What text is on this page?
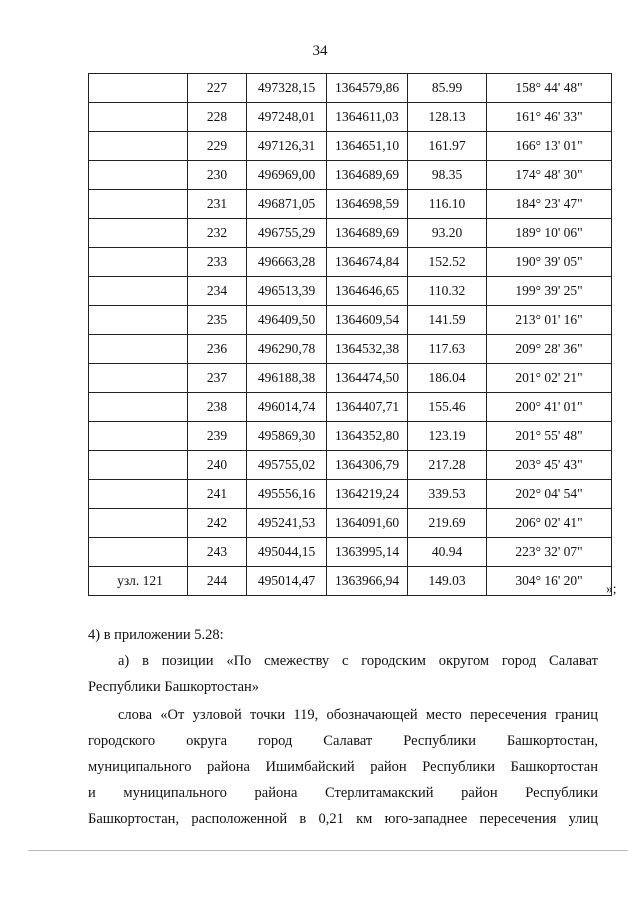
34
	227	497328,15	1364579,86	85.99	158° 44' 48"
	228	497248,01	1364611,03	128.13	161° 46' 33"
	229	497126,31	1364651,10	161.97	166° 13' 01"
	230	496969,00	1364689,69	98.35	174° 48' 30"
	231	496871,05	1364698,59	116.10	184° 23' 47"
	232	496755,29	1364689,69	93.20	189° 10' 06"
	233	496663,28	1364674,84	152.52	190° 39' 05"
	234	496513,39	1364646,65	110.32	199° 39' 25"
	235	496409,50	1364609,54	141.59	213° 01' 16"
	236	496290,78	1364532,38	117.63	209° 28' 36"
	237	496188,38	1364474,50	186.04	201° 02' 21"
	238	496014,74	1364407,71	155.46	200° 41' 01"
	239	495869,30	1364352,80	123.19	201° 55' 48"
	240	495755,02	1364306,79	217.28	203° 45' 43"
	241	495556,16	1364219,24	339.53	202° 04' 54"
	242	495241,53	1364091,60	219.69	206° 02' 41"
	243	495044,15	1363995,14	40.94	223° 32' 07"
узл. 121	244	495014,47	1363966,94	149.03	304° 16' 20"
»;
4) в приложении 5.28:
а) в позиции «По смежеству с городским округом город Салават
Республики Башкортостан»
слова «От узловой точки 119, обозначающей место пересечения границ
городского округа город Салават Республики Башкортостан,
муниципального района Ишимбайский район Республики Башкортостан
и муниципального района Стерлитамакский район Республики
Башкортостан, расположенной в 0,21 км юго-западнее пересечения улиц
